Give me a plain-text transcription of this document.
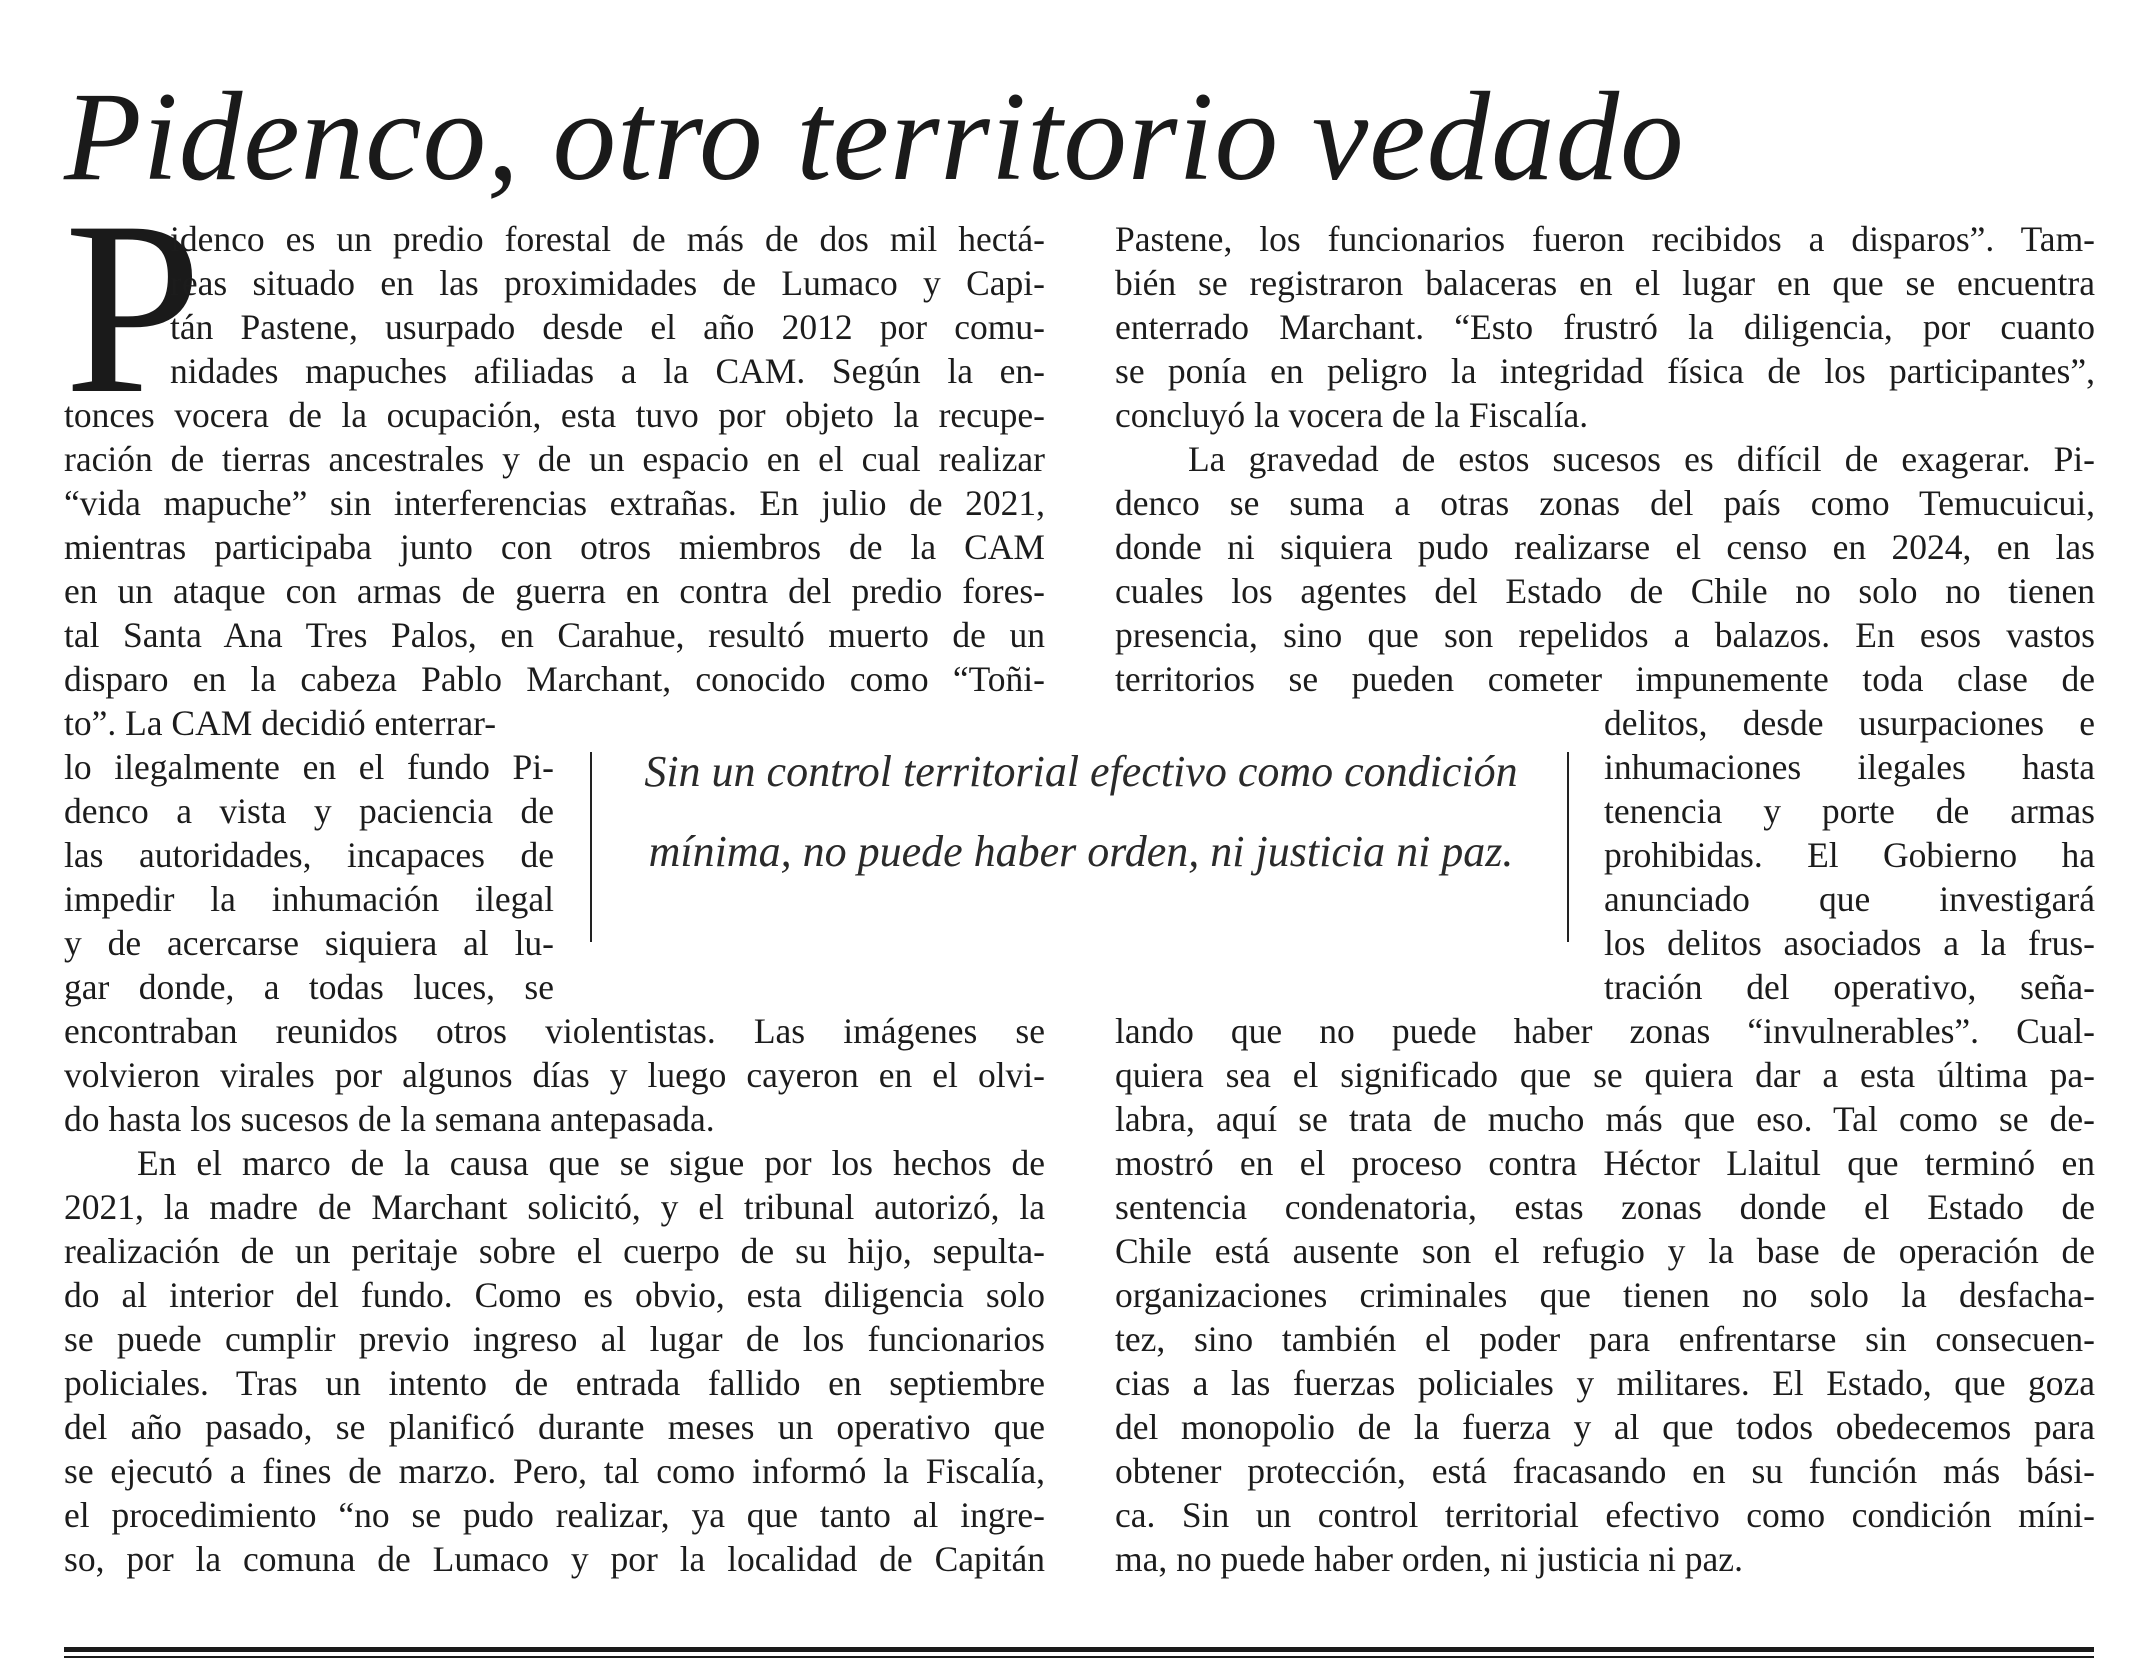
Pidenco, otro territorio vedado
P
idenco es un predio forestal de más de dos mil hectá-
reas situado en las proximidades de Lumaco y Capi-
tán Pastene, usurpado desde el año 2012 por comu-
nidades mapuches afiliadas a la CAM. Según la en-
tonces vocera de la ocupación, esta tuvo por objeto la recupe-
ración de tierras ancestrales y de un espacio en el cual realizar
“vida mapuche” sin interferencias extrañas. En julio de 2021,
mientras participaba junto con otros miembros de la CAM
en un ataque con armas de guerra en contra del predio fores-
tal Santa Ana Tres Palos, en Carahue, resultó muerto de un
disparo en la cabeza Pablo Marchant, conocido como “Toñi-
to”. La CAM decidió enterrar-
lo ilegalmente en el fundo Pi-
denco a vista y paciencia de
las autoridades, incapaces de
impedir la inhumación ilegal
y de acercarse siquiera al lu-
gar donde, a todas luces, se
encontraban reunidos otros violentistas. Las imágenes se
volvieron virales por algunos días y luego cayeron en el olvi-
do hasta los sucesos de la semana antepasada.
En el marco de la causa que se sigue por los hechos de
2021, la madre de Marchant solicitó, y el tribunal autorizó, la
realización de un peritaje sobre el cuerpo de su hijo, sepulta-
do al interior del fundo. Como es obvio, esta diligencia solo
se puede cumplir previo ingreso al lugar de los funcionarios
policiales. Tras un intento de entrada fallido en septiembre
del año pasado, se planificó durante meses un operativo que
se ejecutó a fines de marzo. Pero, tal como informó la Fiscalía,
el procedimiento “no se pudo realizar, ya que tanto al ingre-
so, por la comuna de Lumaco y por la localidad de Capitán
Pastene, los funcionarios fueron recibidos a disparos”. Tam-
bién se registraron balaceras en el lugar en que se encuentra
enterrado Marchant. “Esto frustró la diligencia, por cuanto
se ponía en peligro la integridad física de los participantes”,
concluyó la vocera de la Fiscalía.
La gravedad de estos sucesos es difícil de exagerar. Pi-
denco se suma a otras zonas del país como Temucuicui,
donde ni siquiera pudo realizarse el censo en 2024, en las
cuales los agentes del Estado de Chile no solo no tienen
presencia, sino que son repelidos a balazos. En esos vastos
territorios se pueden cometer impunemente toda clase de
delitos, desde usurpaciones e
inhumaciones ilegales hasta
tenencia y porte de armas
prohibidas. El Gobierno ha
anunciado que investigará
los delitos asociados a la frus-
tración del operativo, seña-
lando que no puede haber zonas “invulnerables”. Cual-
quiera sea el significado que se quiera dar a esta última pa-
labra, aquí se trata de mucho más que eso. Tal como se de-
mostró en el proceso contra Héctor Llaitul que terminó en
sentencia condenatoria, estas zonas donde el Estado de
Chile está ausente son el refugio y la base de operación de
organizaciones criminales que tienen no solo la desfacha-
tez, sino también el poder para enfrentarse sin consecuen-
cias a las fuerzas policiales y militares. El Estado, que goza
del monopolio de la fuerza y al que todos obedecemos para
obtener protección, está fracasando en su función más bási-
ca. Sin un control territorial efectivo como condición míni-
ma, no puede haber orden, ni justicia ni paz.
Sin un control territorial efectivo como condición mínima, no puede haber orden, ni justicia ni paz.
